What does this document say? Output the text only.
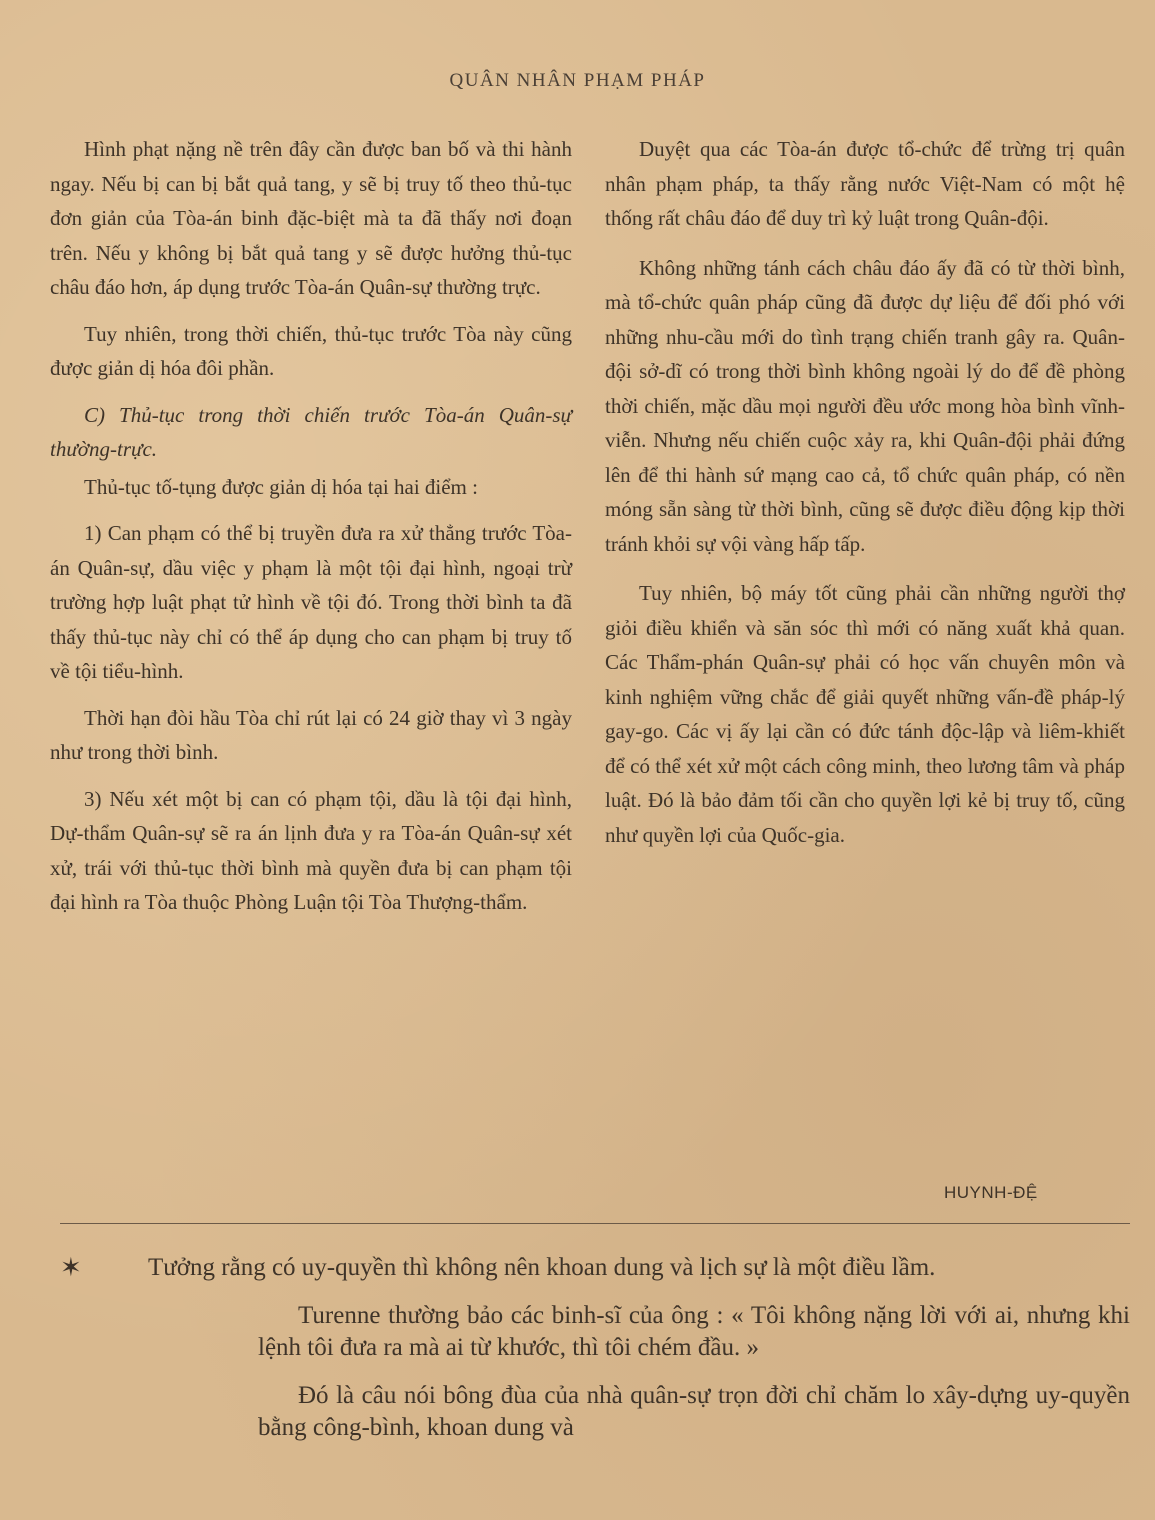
QUÂN NHÂN PHẠM PHÁP

Hình phạt nặng nề trên đây cần được ban bố và thi hành ngay. Nếu bị can bị bắt quả tang, y sẽ bị truy tố theo thủ-tục đơn giản của Tòa-án binh đặc-biệt mà ta đã thấy nơi đoạn trên. Nếu y không bị bắt quả tang y sẽ được hưởng thủ-tục châu đáo hơn, áp dụng trước Tòa-án Quân-sự thường trực.

Tuy nhiên, trong thời chiến, thủ-tục trước Tòa này cũng được giản dị hóa đôi phần.

C) Thủ-tục trong thời chiến trước Tòa-án Quân-sự thường-trực.

Thủ-tục tố-tụng được giản dị hóa tại hai điểm :

1) Can phạm có thể bị truyền đưa ra xử thẳng trước Tòa-án Quân-sự, dầu việc y phạm là một tội đại hình, ngoại trừ trường hợp luật phạt tử hình về tội đó. Trong thời bình ta đã thấy thủ-tục này chỉ có thể áp dụng cho can phạm bị truy tố về tội tiểu-hình.

Thời hạn đòi hầu Tòa chỉ rút lại có 24 giờ thay vì 3 ngày như trong thời bình.

3) Nếu xét một bị can có phạm tội, dầu là tội đại hình, Dự-thẩm Quân-sự sẽ ra án lịnh đưa y ra Tòa-án Quân-sự xét xử, trái với thủ-tục thời bình mà quyền đưa bị can phạm tội đại hình ra Tòa thuộc Phòng Luận tội Tòa Thượng-thẩm.

Duyệt qua các Tòa-án được tổ-chức để trừng trị quân nhân phạm pháp, ta thấy rằng nước Việt-Nam có một hệ thống rất châu đáo để duy trì kỷ luật trong Quân-đội.

Không những tánh cách châu đáo ấy đã có từ thời bình, mà tổ-chức quân pháp cũng đã được dự liệu để đối phó với những nhu-cầu mới do tình trạng chiến tranh gây ra. Quân-đội sở-dĩ có trong thời bình không ngoài lý do để đề phòng thời chiến, mặc dầu mọi người đều ước mong hòa bình vĩnh-viễn. Nhưng nếu chiến cuộc xảy ra, khi Quân-đội phải đứng lên để thi hành sứ mạng cao cả, tổ chức quân pháp, có nền móng sẵn sàng từ thời bình, cũng sẽ được điều động kịp thời tránh khỏi sự vội vàng hấp tấp.

Tuy nhiên, bộ máy tốt cũng phải cần những người thợ giỏi điều khiển và săn sóc thì mới có năng xuất khả quan. Các Thẩm-phán Quân-sự phải có học vấn chuyên môn và kinh nghiệm vững chắc để giải quyết những vấn-đề pháp-lý gay-go. Các vị ấy lại cần có đức tánh độc-lập và liêm-khiết để có thể xét xử một cách công minh, theo lương tâm và pháp luật. Đó là bảo đảm tối cần cho quyền lợi kẻ bị truy tố, cũng như quyền lợi của Quốc-gia.

HUYNH-ĐỆ
✶	Tưởng rằng có uy-quyền thì không nên khoan dung và lịch sự là một điều lầm.

Turenne thường bảo các binh-sĩ của ông : « Tôi không nặng lời với ai, nhưng khi lệnh tôi đưa ra mà ai từ khước, thì tôi chém đầu. »

Đó là câu nói bông đùa của nhà quân-sự trọn đời chỉ chăm lo xây-dựng uy-quyền bằng công-bình, khoan dung và
